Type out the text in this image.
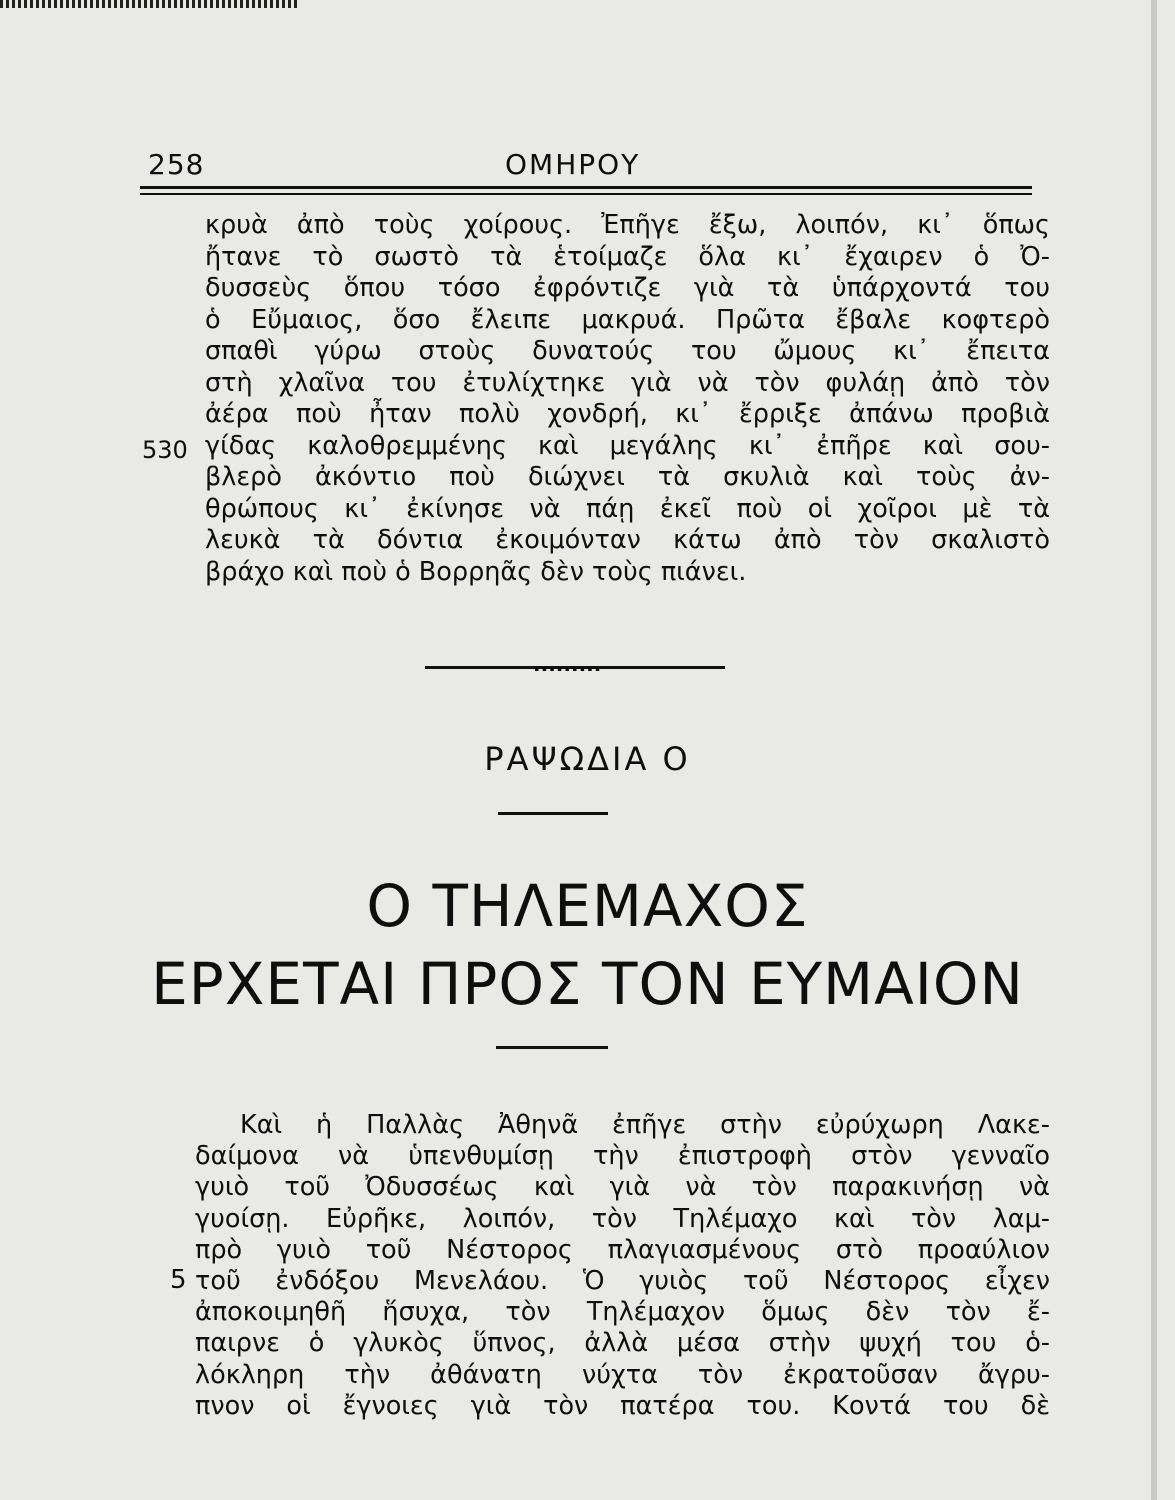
258	ΟΜΗΡΟΥ
κρυὰ ἀπὸ τοὺς χοίρους. Ἐπῆγε ἔξω, λοιπόν, κι᾿ ὅπως
ἤτανε τὸ σωστὸ τὰ ἑτοίμαζε ὅλα κι᾿ ἔχαιρεν ὁ Ὀ-
δυσσεὺς ὅπου τόσο ἐφρόντιζε γιὰ τὰ ὑπάρχοντά του
ὁ Εὔμαιος, ὅσο ἔλειπε μακρυά. Πρῶτα ἔβαλε κοφτερὸ
σπαθὶ γύρω στοὺς δυνατούς του ὤμους κι᾿ ἔπειτα
στὴ χλαῖνα του ἐτυλίχτηκε γιὰ νὰ τὸν φυλάῃ ἀπὸ τὸν
ἀέρα ποὺ ἦταν πολὺ χονδρή, κι᾿ ἔρριξε ἀπάνω προβιὰ
γίδας καλοθρεμμένης καὶ μεγάλης κι᾿ ἐπῆρε καὶ σου-
βλερὸ ἀκόντιο ποὺ διώχνει τὰ σκυλιὰ καὶ τοὺς ἀν-
θρώπους κι᾿ ἐκίνησε νὰ πάῃ ἐκεῖ ποὺ οἱ χοῖροι μὲ τὰ
λευκὰ τὰ δόντια ἐκοιμόνταν κάτω ἀπὸ τὸν σκαλιστὸ
βράχο καὶ ποὺ ὁ Βορρηᾶς δὲν τοὺς πιάνει.
530
.........
ΡΑΨΩΔΙΑ Ο
Ο ΤΗΛΕΜΑΧΟΣ
ΕΡΧΕΤΑΙ ΠΡΟΣ ΤΟΝ ΕΥΜΑΙΟΝ
Καὶ ἡ Παλλὰς Ἀθηνᾶ ἐπῆγε στὴν εὐρύχωρη Λακε-
δαίμονα νὰ ὑπενθυμίσῃ τὴν ἐπιστροφὴ στὸν γενναῖο
γυιὸ τοῦ Ὀδυσσέως καὶ γιὰ νὰ τὸν παρακινήσῃ νὰ
γυοίσῃ. Εὐρῆκε, λοιπόν, τὸν Τηλέμαχο καὶ τὸν λαμ-
πρὸ γυιὸ τοῦ Νέστορος πλαγιασμένους στὸ προαύλιον
τοῦ ἐνδόξου Μενελάου. Ὁ γυιὸς τοῦ Νέστορος εἶχεν
ἀποκοιμηθῆ ἥσυχα, τὸν Τηλέμαχον ὅμως δὲν τὸν ἔ-
παιρνε ὁ γλυκὸς ὕπνος, ἀλλὰ μέσα στὴν ψυχή του ὁ-
λόκληρη τὴν ἀθάνατη νύχτα τὸν ἐκρατοῦσαν ἄγρυ-
πνον οἱ ἔγνοιες γιὰ τὸν πατέρα του. Κοντά του δὲ
5
